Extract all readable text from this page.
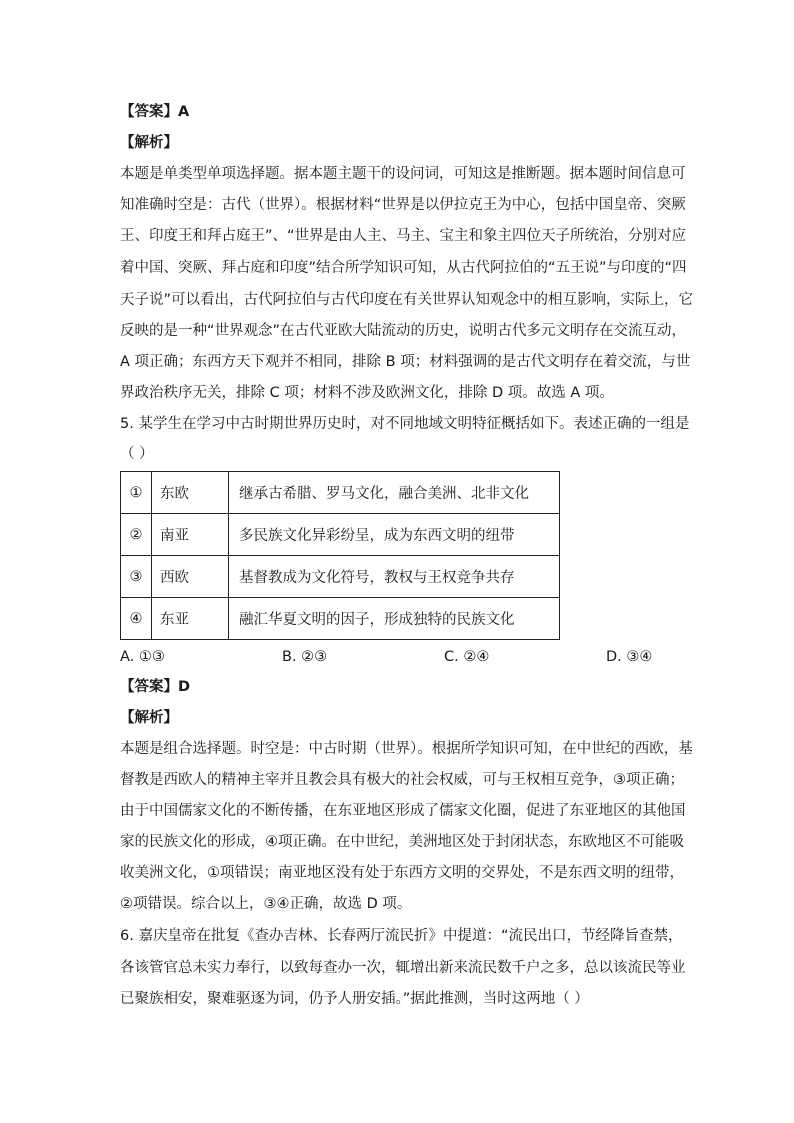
【答案】A
【解析】
本题是单类型单项选择题。据本题主题干的设问词，可知这是推断题。据本题时间信息可
知准确时空是：古代（世界）。根据材料“世界是以伊拉克王为中心，包括中国皇帝、突厥
王、印度王和拜占庭王”、“世界是由人主、马主、宝主和象主四位天子所统治，分别对应
着中国、突厥、拜占庭和印度”结合所学知识可知，从古代阿拉伯的“五王说”与印度的“四
天子说”可以看出，古代阿拉伯与古代印度在有关世界认知观念中的相互影响，实际上，它
反映的是一种“世界观念”在古代亚欧大陆流动的历史，说明古代多元文明存在交流互动，
A 项正确；东西方天下观并不相同，排除 B 项；材料强调的是古代文明存在着交流，与世
界政治秩序无关，排除 C 项；材料不涉及欧洲文化，排除 D 项。故选 A 项。
5. 某学生在学习中古时期世界历史时，对不同地域文明特征概括如下。表述正确的一组是
（ ）
①	东欧	继承古希腊、罗马文化，融合美洲、北非文化
②	南亚	多民族文化异彩纷呈，成为东西文明的纽带
③	西欧	基督教成为文化符号，教权与王权竞争共存
④	东亚	融汇华夏文明的因子，形成独特的民族文化
A. ①③	B. ②③	C. ②④	D. ③④
【答案】D
【解析】
本题是组合选择题。时空是：中古时期（世界）。根据所学知识可知，在中世纪的西欧，基
督教是西欧人的精神主宰并且教会具有极大的社会权威，可与王权相互竞争，③项正确；
由于中国儒家文化的不断传播，在东亚地区形成了儒家文化圈，促进了东亚地区的其他国
家的民族文化的形成，④项正确。在中世纪，美洲地区处于封闭状态，东欧地区不可能吸
收美洲文化，①项错误；南亚地区没有处于东西方文明的交界处，不是东西文明的纽带，
②项错误。综合以上，③④正确，故选 D 项。
6. 嘉庆皇帝在批复《查办吉林、长春两厅流民折》中提道：“流民出口，节经降旨查禁，
各该管官总未实力奉行，以致每查办一次，辄增出新来流民数千户之多，总以该流民等业
已聚族相安，聚难驱逐为词，仍予人册安插。”据此推测，当时这两地（ ）
